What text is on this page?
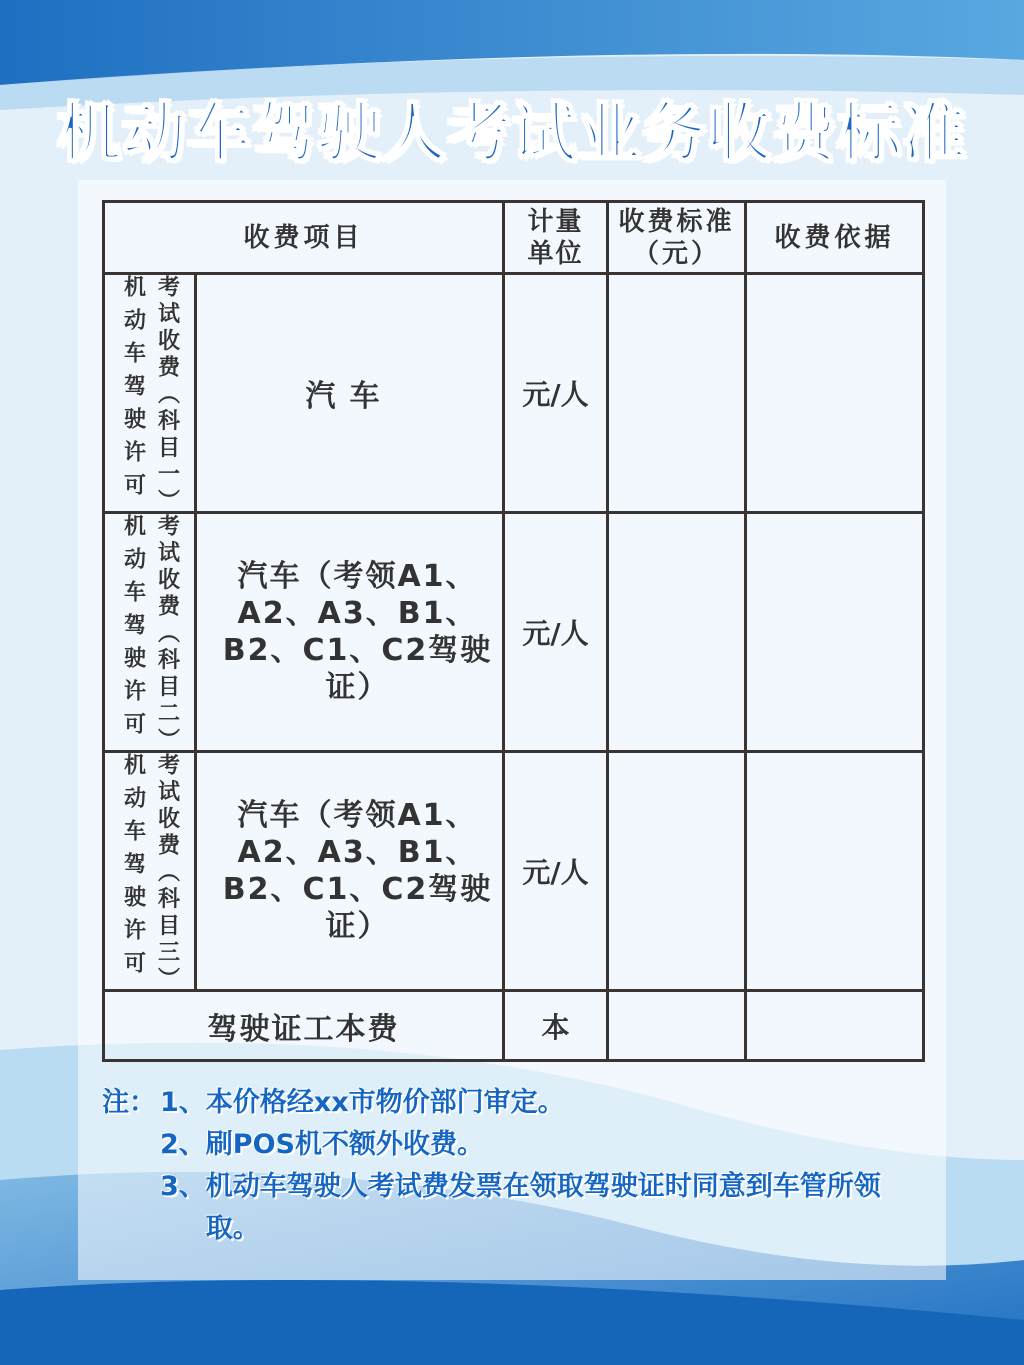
机动车驾驶人考试业务收费标准
收费项目		计量单位	收费标准（元）	收费依据

机动车驾驶许可 考试收费（科目一）	汽车	元/人		

机动车驾驶许可 考试收费（科目二）	汽车（考领A1、A2、A3、B1、B2、C1、C2驾驶证）	元/人		

机动车驾驶许可 考试收费（科目三）	汽车（考领A1、A2、A3、B1、B2、C1、C2驾驶证）	元/人		
驾驶证工本费		本		
注： 1、 本价格经xx市物价部门审定。
2、 刷POS机不额外收费。
3、 机动车驾驶人考试费发票在领取驾驶证时同意到车管所领取。
